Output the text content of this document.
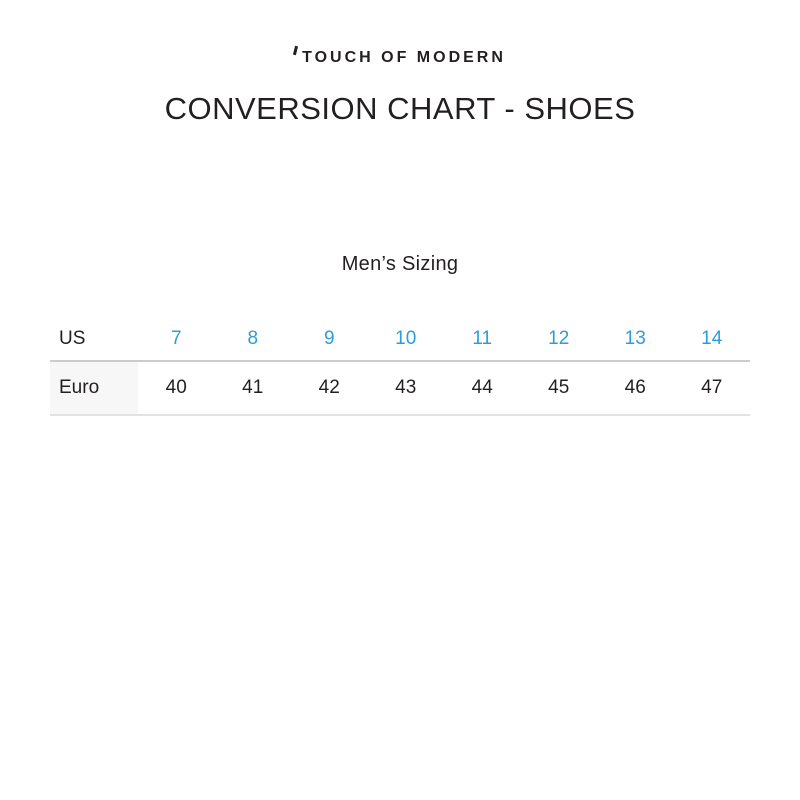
TOUCH OF MODERN
CONVERSION CHART - SHOES
Men’s Sizing
US	7	8	9	10	11	12	13	14
Euro	40	41	42	43	44	45	46	47
